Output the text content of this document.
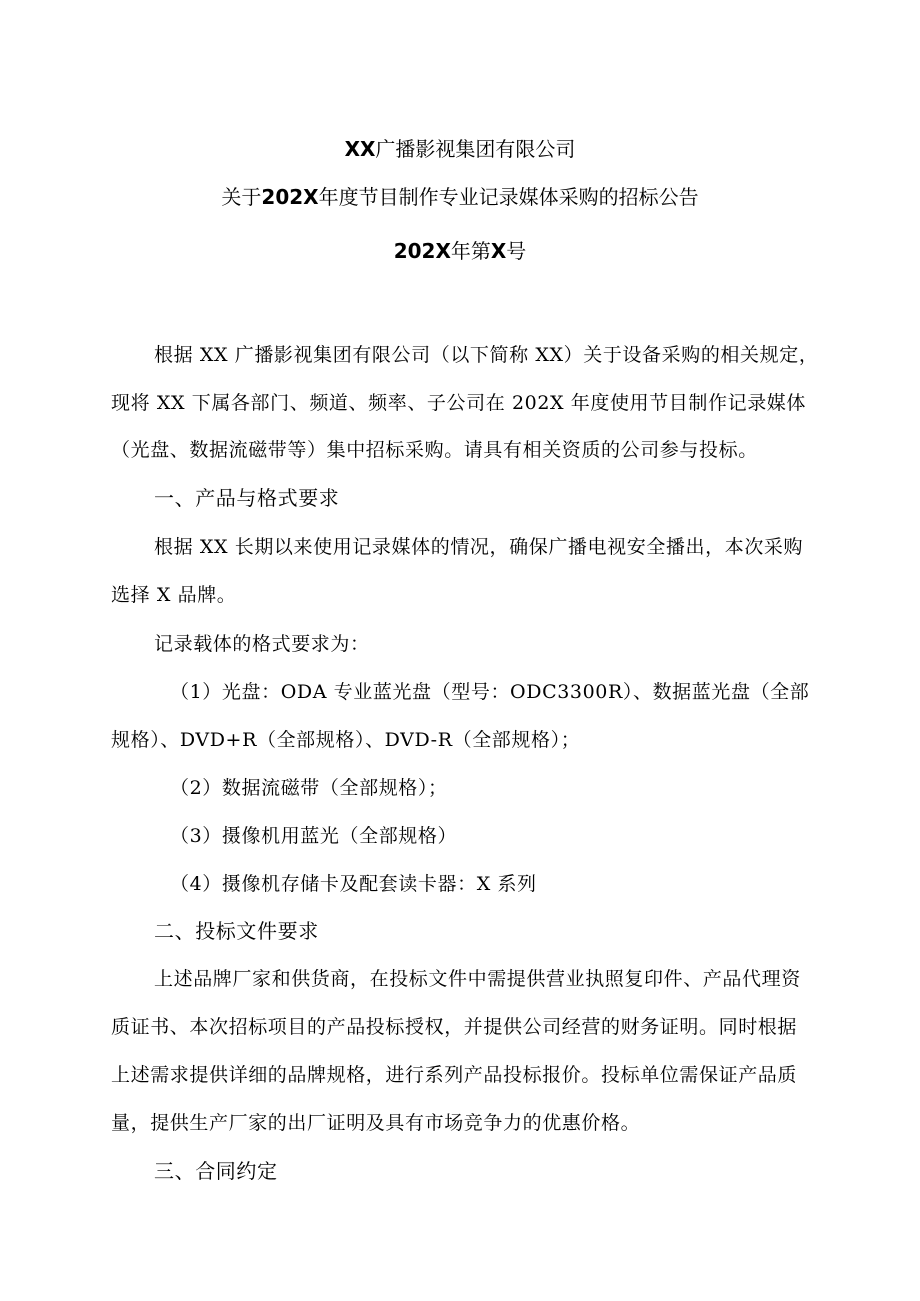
XX广播影视集团有限公司
关于202X年度节目制作专业记录媒体采购的招标公告
202X年第X号
根据 XX 广播影视集团有限公司（以下简称 XX）关于设备采购的相关规定，
现将 XX 下属各部门、频道、频率、子公司在 202X 年度使用节目制作记录媒体
（光盘、数据流磁带等）集中招标采购。请具有相关资质的公司参与投标。
一、产品与格式要求
根据 XX 长期以来使用记录媒体的情况，确保广播电视安全播出，本次采购
选择 X 品牌。
记录载体的格式要求为：
（1）光盘：ODA 专业蓝光盘（型号：ODC3300R）、数据蓝光盘（全部
规格）、DVD+R（全部规格）、DVD-R（全部规格）；
（2）数据流磁带（全部规格）；
（3）摄像机用蓝光（全部规格）
（4）摄像机存储卡及配套读卡器：X 系列
二、投标文件要求
上述品牌厂家和供货商，在投标文件中需提供营业执照复印件、产品代理资
质证书、本次招标项目的产品投标授权，并提供公司经营的财务证明。同时根据
上述需求提供详细的品牌规格，进行系列产品投标报价。投标单位需保证产品质
量，提供生产厂家的出厂证明及具有市场竞争力的优惠价格。
三、合同约定
